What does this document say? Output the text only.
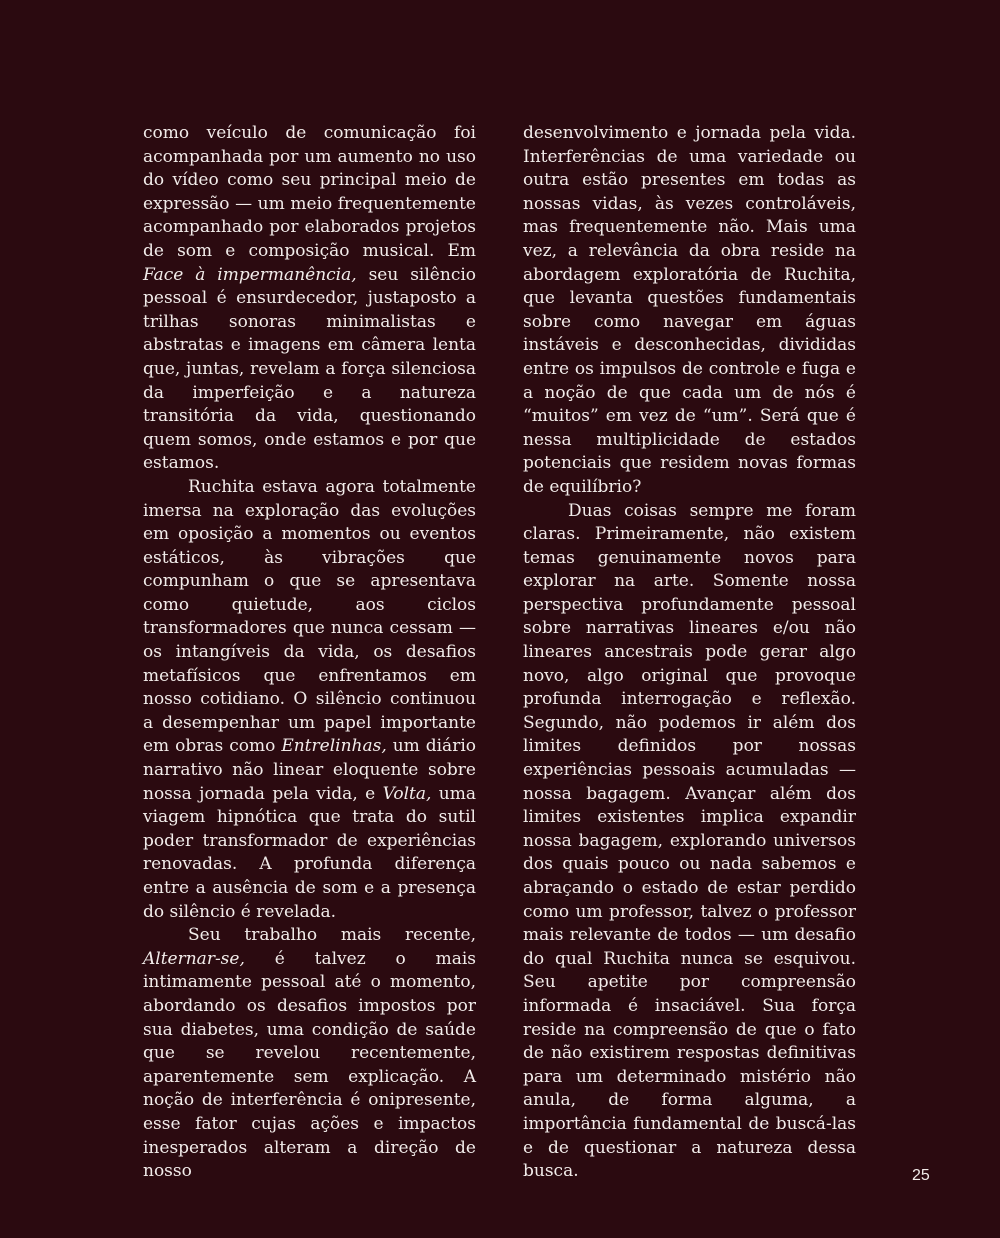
como veículo de comunicação foi acompanhada por um aumento no uso do vídeo como seu principal meio de expressão — um meio frequentemente acompanhado por elaborados projetos de som e composição musical. Em Face à impermanência, seu silêncio pessoal é ensurdecedor, justaposto a trilhas sonoras minimalistas e abstratas e imagens em câmera lenta que, juntas, revelam a força silenciosa da imperfeição e a natureza transitória da vida, questionando quem somos, onde estamos e por que estamos.

Ruchita estava agora totalmente imersa na exploração das evoluções em oposição a momentos ou eventos estáticos, às vibrações que compunham o que se apresentava como quietude, aos ciclos transformadores que nunca cessam — os intangíveis da vida, os desafios metafísicos que enfrentamos em nosso cotidiano. O silêncio continuou a desempenhar um papel importante em obras como Entrelinhas, um diário narrativo não linear eloquente sobre nossa jornada pela vida, e Volta, uma viagem hipnótica que trata do sutil poder transformador de experiências renovadas. A profunda diferença entre a ausência de som e a presença do silêncio é revelada.

Seu trabalho mais recente, Alternar-se, é talvez o mais intimamente pessoal até o momento, abordando os desafios impostos por sua diabetes, uma condição de saúde que se revelou recentemente, aparentemente sem explicação. A noção de interferência é onipresente, esse fator cujas ações e impactos inesperados alteram a direção de nosso

desenvolvimento e jornada pela vida. Interferências de uma variedade ou outra estão presentes em todas as nossas vidas, às vezes controláveis, mas frequentemente não. Mais uma vez, a relevância da obra reside na abordagem exploratória de Ruchita, que levanta questões fundamentais sobre como navegar em águas instáveis e desconhecidas, divididas entre os impulsos de controle e fuga e a noção de que cada um de nós é “muitos” em vez de “um”. Será que é nessa multiplicidade de estados potenciais que residem novas formas de equilíbrio?

Duas coisas sempre me foram claras. Primeiramente, não existem temas genuinamente novos para explorar na arte. Somente nossa perspectiva profundamente pessoal sobre narrativas lineares e/ou não lineares ancestrais pode gerar algo novo, algo original que provoque profunda interrogação e reflexão. Segundo, não podemos ir além dos limites definidos por nossas experiências pessoais acumuladas — nossa bagagem. Avançar além dos limites existentes implica expandir nossa bagagem, explorando universos dos quais pouco ou nada sabemos e abraçando o estado de estar perdido como um professor, talvez o professor mais relevante de todos — um desafio do qual Ruchita nunca se esquivou. Seu apetite por compreensão informada é insaciável. Sua força reside na compreensão de que o fato de não existirem respostas definitivas para um determinado mistério não anula, de forma alguma, a importância fundamental de buscá-las e de questionar a natureza dessa busca.	25
